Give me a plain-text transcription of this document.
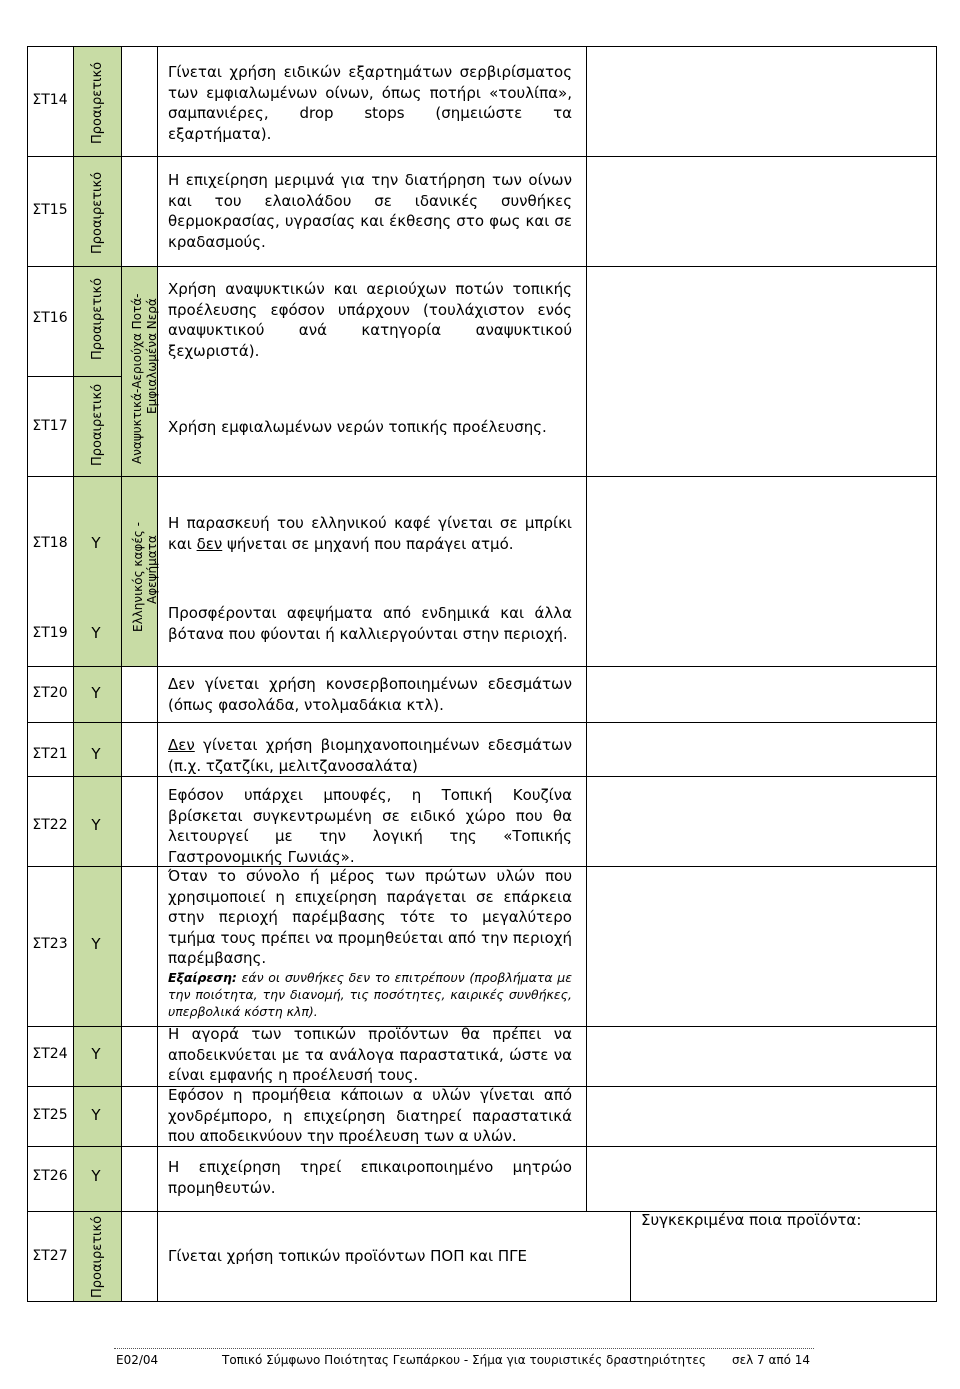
ΣΤ14
ΣΤ15
ΣΤ16
ΣΤ17
ΣΤ18
ΣΤ19
ΣΤ20
ΣΤ21
ΣΤ22
ΣΤ23
ΣΤ24
ΣΤ25
ΣΤ26
ΣΤ27
Προαιρετικό
Προαιρετικό
Προαιρετικό
Προαιρετικό
Προαιρετικό
Υ
Υ
Υ
Υ
Υ
Υ
Υ
Υ
Υ
Αναψυκτικά-Αεριούχα Ποτά- Εμφιαλωμένα Νερά
Ελληνικός καφές - Αφεψήματα
Γίνεται χρήση ειδικών εξαρτημάτων σερβιρίσματος των εμφιαλωμένων οίνων, όπως ποτήρι «τουλίπα», σαμπανιέρες, drop stops (σημειώστε τα εξαρτήματα).
Η επιχείρηση μεριμνά για την διατήρηση των οίνων και του ελαιολάδου σε ιδανικές συνθήκες θερμοκρασίας, υγρασίας και έκθεσης στο φως και σε κραδασμούς.
Χρήση αναψυκτικών και αεριούχων ποτών τοπικής προέλευσης εφόσον υπάρχουν (τουλάχιστον ενός αναψυκτικού ανά κατηγορία αναψυκτικού ξεχωριστά).
Χρήση εμφιαλωμένων νερών τοπικής προέλευσης.
Η παρασκευή του ελληνικού καφέ γίνεται σε μπρίκι και δεν ψήνεται σε μηχανή που παράγει ατμό.
Προσφέρονται αφεψήματα από ενδημικά και άλλα βότανα που φύονται ή καλλιεργούνται στην περιοχή.
Δεν γίνεται χρήση κονσερβοποιημένων εδεσμάτων (όπως φασολάδα, ντολμαδάκια κτλ).
Δεν γίνεται χρήση βιομηχανοποιημένων εδεσμάτων (π.χ. τζατζίκι, μελιτζανοσαλάτα)
Εφόσον υπάρχει μπουφές, η Τοπική Κουζίνα βρίσκεται συγκεντρωμένη σε ειδικό χώρο που θα λειτουργεί με την λογική της «Τοπικής Γαστρονομικής Γωνιάς».
Όταν το σύνολο ή μέρος των πρώτων υλών που χρησιμοποιεί η επιχείρηση παράγεται σε επάρκεια στην περιοχή παρέμβασης τότε το μεγαλύτερο τμήμα τους πρέπει να προμηθεύεται από την περιοχή παρέμβασης.
Εξαίρεση: εάν οι συνθήκες δεν το επιτρέπουν (προβλήματα με την ποιότητα, την διανομή, τις ποσότητες, καιρικές συνθήκες, υπερβολικά κόστη κλπ).
Η αγορά των τοπικών προϊόντων θα πρέπει να αποδεικνύεται με τα ανάλογα παραστατικά, ώστε να είναι εμφανής η προέλευσή τους.
Εφόσον η προμήθεια κάποιων α υλών γίνεται από χονδρέμπορο, η επιχείρηση διατηρεί παραστατικά που αποδεικνύουν την προέλευση των α υλών.
Η επιχείρηση τηρεί επικαιροποιημένο μητρώο προμηθευτών.
Γίνεται χρήση τοπικών προϊόντων ΠΟΠ και ΠΓΕ
Συγκεκριμένα ποια προϊόντα:
Ε02/04	Τοπικό Σύμφωνο Ποιότητας Γεωπάρκου - Σήμα για τουριστικές δραστηριότητες σελ 7 από 14
